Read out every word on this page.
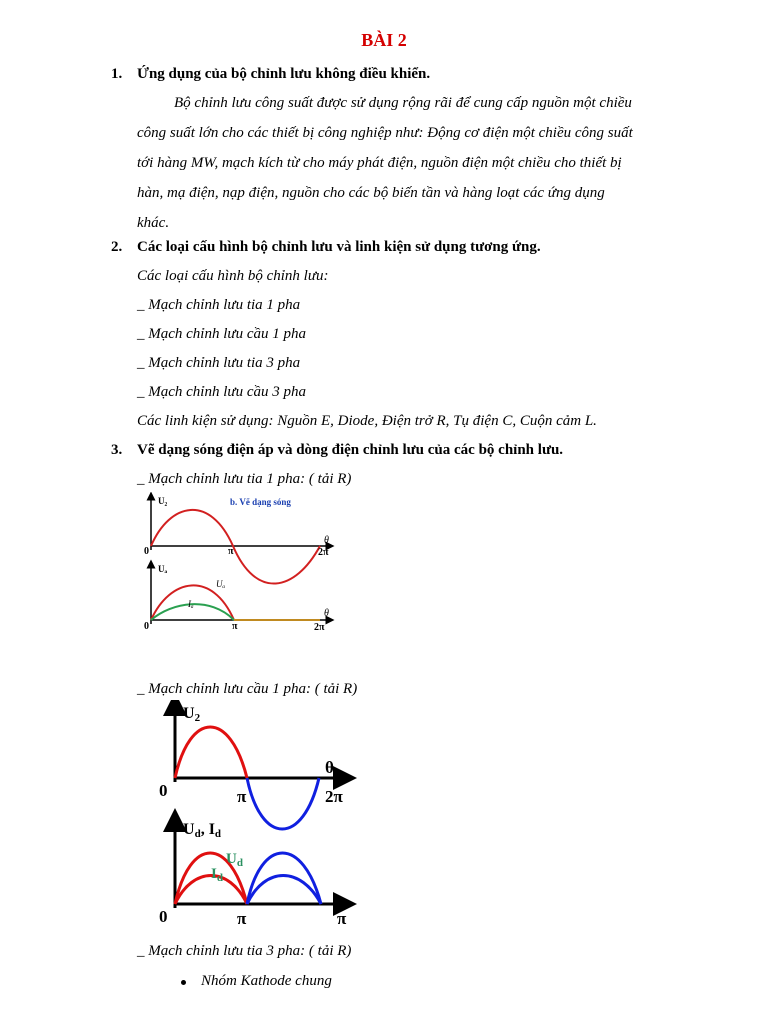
BÀI 2
1. Ứng dụng của bộ chỉnh lưu không điều khiển.
Bộ chỉnh lưu công suất được sử dụng rộng rãi để cung cấp nguồn một chiều
công suất lớn cho các thiết bị công nghiệp như: Động cơ điện một chiều công suất
tới hàng MW, mạch kích từ cho máy phát điện, nguồn điện một chiều cho thiết bị
hàn, mạ điện, nạp điện, nguồn cho các bộ biến tần và hàng loạt các ứng dụng
khác.
2. Các loại cấu hình bộ chỉnh lưu và linh kiện sử dụng tương ứng.
Các loại cấu hình bộ chỉnh lưu:
_ Mạch chỉnh lưu tia 1 pha
_ Mạch chỉnh lưu cầu 1 pha
_ Mạch chỉnh lưu tia 3 pha
_ Mạch chỉnh lưu cầu 3 pha
Các linh kiện sử dụng: Nguồn E, Diode, Điện trở R, Tụ điện C, Cuộn cảm L.
3. Vẽ dạng sóng điện áp và dòng điện chỉnh lưu của các bộ chỉnh lưu.
_ Mạch chỉnh lưu tia 1 pha: ( tải R)
U₂	b. Vẽ dạng sóng
0	π	2π
θ
Uₐ
Uₐ
Iₐ
0	π	2π
θ
_ Mạch chỉnh lưu cầu 1 pha: ( tải R)
U2
θ
0	π	2π
Ud, Id
$U_d$
$I_d$
0	π	π
_ Mạch chỉnh lưu tia 3 pha: ( tải R)
Nhóm Kathode chung
